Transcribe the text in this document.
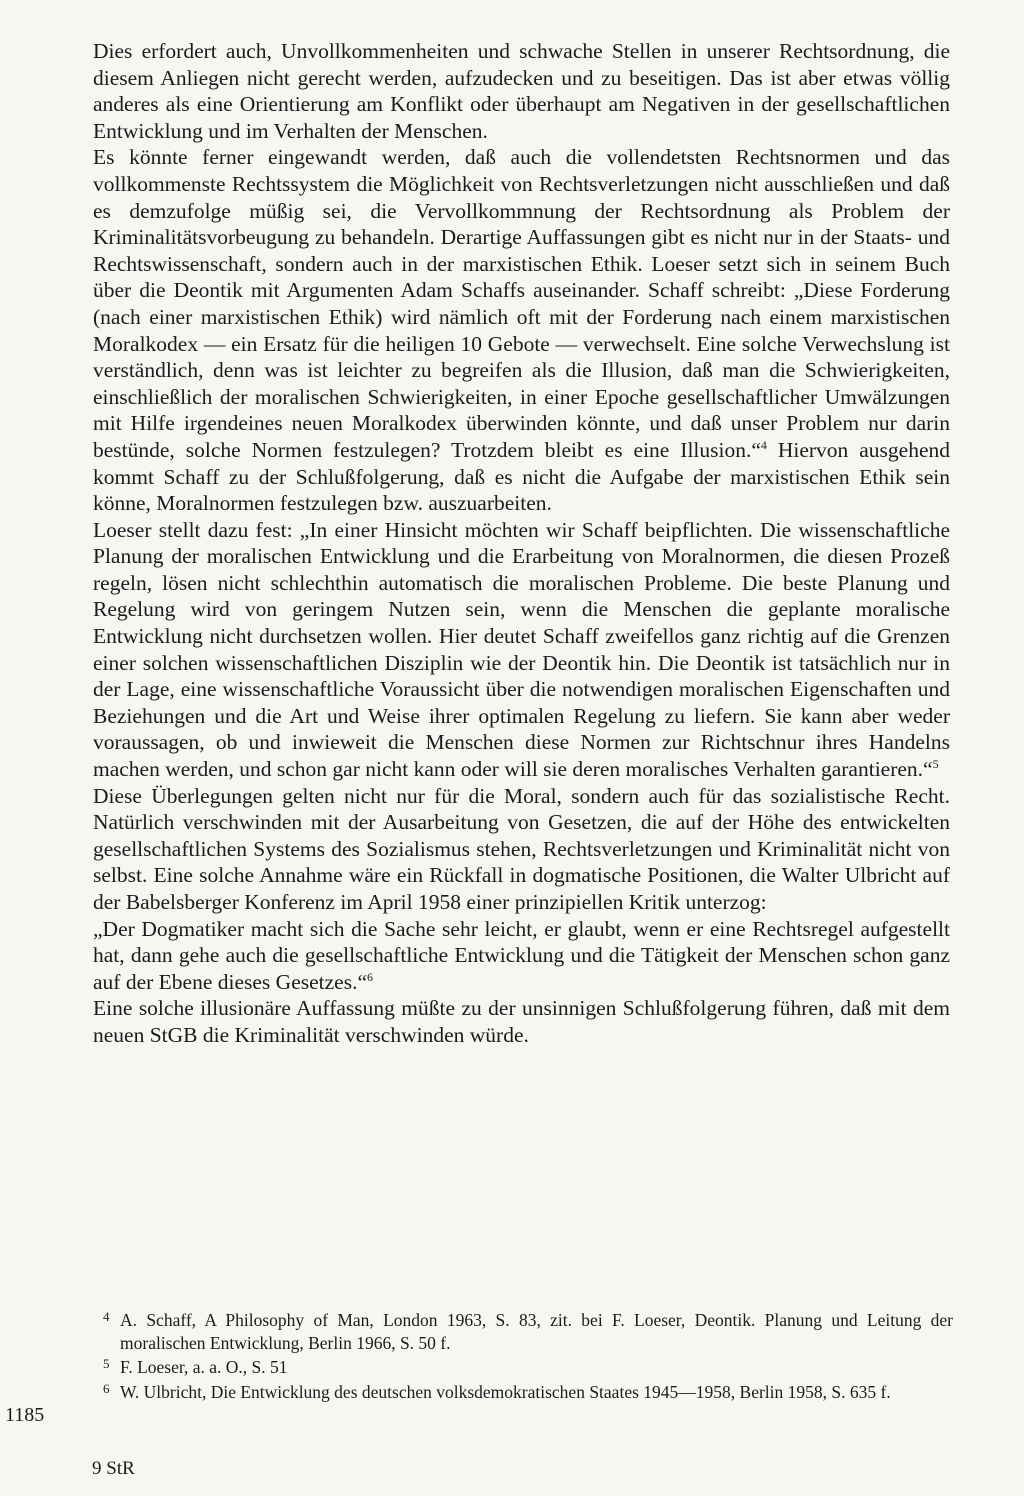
Dies erfordert auch, Unvollkommenheiten und schwache Stellen in unserer Rechtsordnung, die diesem Anliegen nicht gerecht werden, aufzudecken und zu beseitigen. Das ist aber etwas völlig anderes als eine Orientierung am Konflikt oder überhaupt am Negativen in der gesellschaftlichen Entwicklung und im Verhalten der Menschen.

Es könnte ferner eingewandt werden, daß auch die vollendetsten Rechtsnormen und das vollkommenste Rechtssystem die Möglichkeit von Rechtsverletzungen nicht ausschließen und daß es demzufolge müßig sei, die Vervollkommnung der Rechtsordnung als Problem der Kriminalitätsvorbeugung zu behandeln. Derartige Auffassungen gibt es nicht nur in der Staats- und Rechtswissenschaft, sondern auch in der marxistischen Ethik. Loeser setzt sich in seinem Buch über die Deontik mit Argumenten Adam Schaffs auseinander. Schaff schreibt: „Diese Forderung (nach einer marxistischen Ethik) wird nämlich oft mit der Forderung nach einem marxistischen Moralkodex — ein Ersatz für die heiligen 10 Gebote — verwechselt. Eine solche Verwechslung ist verständlich, denn was ist leichter zu begreifen als die Illusion, daß man die Schwierigkeiten, einschließlich der moralischen Schwierigkeiten, in einer Epoche gesellschaftlicher Umwälzungen mit Hilfe irgendeines neuen Moralkodex überwinden könnte, und daß unser Problem nur darin bestünde, solche Normen festzulegen? Trotzdem bleibt es eine Illusion.“$^4$ Hiervon ausgehend kommt Schaff zu der Schlußfolgerung, daß es nicht die Aufgabe der marxistischen Ethik sein könne, Moralnormen festzulegen bzw. auszuarbeiten.

Loeser stellt dazu fest: „In einer Hinsicht möchten wir Schaff beipflichten. Die wissenschaftliche Planung der moralischen Entwicklung und die Erarbeitung von Moralnormen, die diesen Prozeß regeln, lösen nicht schlechthin automatisch die moralischen Probleme. Die beste Planung und Regelung wird von geringem Nutzen sein, wenn die Menschen die geplante moralische Entwicklung nicht durchsetzen wollen. Hier deutet Schaff zweifellos ganz richtig auf die Grenzen einer solchen wissenschaftlichen Disziplin wie der Deontik hin. Die Deontik ist tatsächlich nur in der Lage, eine wissenschaftliche Voraussicht über die notwendigen moralischen Eigenschaften und Beziehungen und die Art und Weise ihrer optimalen Regelung zu liefern. Sie kann aber weder voraussagen, ob und inwieweit die Menschen diese Normen zur Richtschnur ihres Handelns machen werden, und schon gar nicht kann oder will sie deren moralisches Verhalten garantieren.“$^5$

Diese Überlegungen gelten nicht nur für die Moral, sondern auch für das sozialistische Recht. Natürlich verschwinden mit der Ausarbeitung von Gesetzen, die auf der Höhe des entwickelten gesellschaftlichen Systems des Sozialismus stehen, Rechtsverletzungen und Kriminalität nicht von selbst. Eine solche Annahme wäre ein Rückfall in dogmatische Positionen, die Walter Ulbricht auf der Babelsberger Konferenz im April 1958 einer prinzipiellen Kritik unterzog:

„Der Dogmatiker macht sich die Sache sehr leicht, er glaubt, wenn er eine Rechtsregel aufgestellt hat, dann gehe auch die gesellschaftliche Entwicklung und die Tätigkeit der Menschen schon ganz auf der Ebene dieses Gesetzes.“$^6$

Eine solche illusionäre Auffassung müßte zu der unsinnigen Schlußfolgerung führen, daß mit dem neuen StGB die Kriminalität verschwinden würde.

4 A. Schaff, A Philosophy of Man, London 1963, S. 83, zit. bei F. Loeser, Deontik. Planung und Leitung der moralischen Entwicklung, Berlin 1966, S. 50 f.
5 F. Loeser, a. a. O., S. 51
6 W. Ulbricht, Die Entwicklung des deutschen volksdemokratischen Staates 1945—1958, Berlin 1958, S. 635 f.
1185
9 StR
